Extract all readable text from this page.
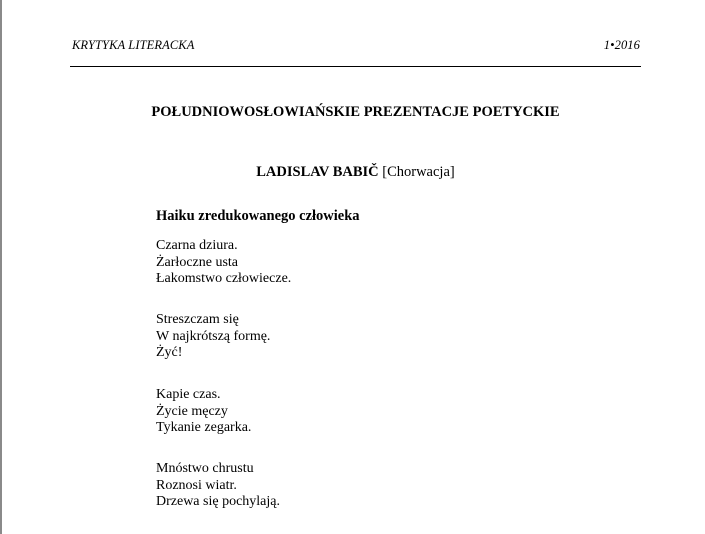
KRYTYKA LITERACKA	1•2016
POŁUDNIOWOSŁOWIAŃSKIE PREZENTACJE POETYCKIE
LADISLAV BABIČ [Chorwacja]
Haiku zredukowanego człowieka
Czarna dziura.
Żarłoczne usta
Łakomstwo człowiecze.
Streszczam się
W najkrótszą formę.
Żyć!
Kapie czas.
Życie męczy
Tykanie zegarka.
Mnóstwo chrustu
Roznosi wiatr.
Drzewa się pochylają.
